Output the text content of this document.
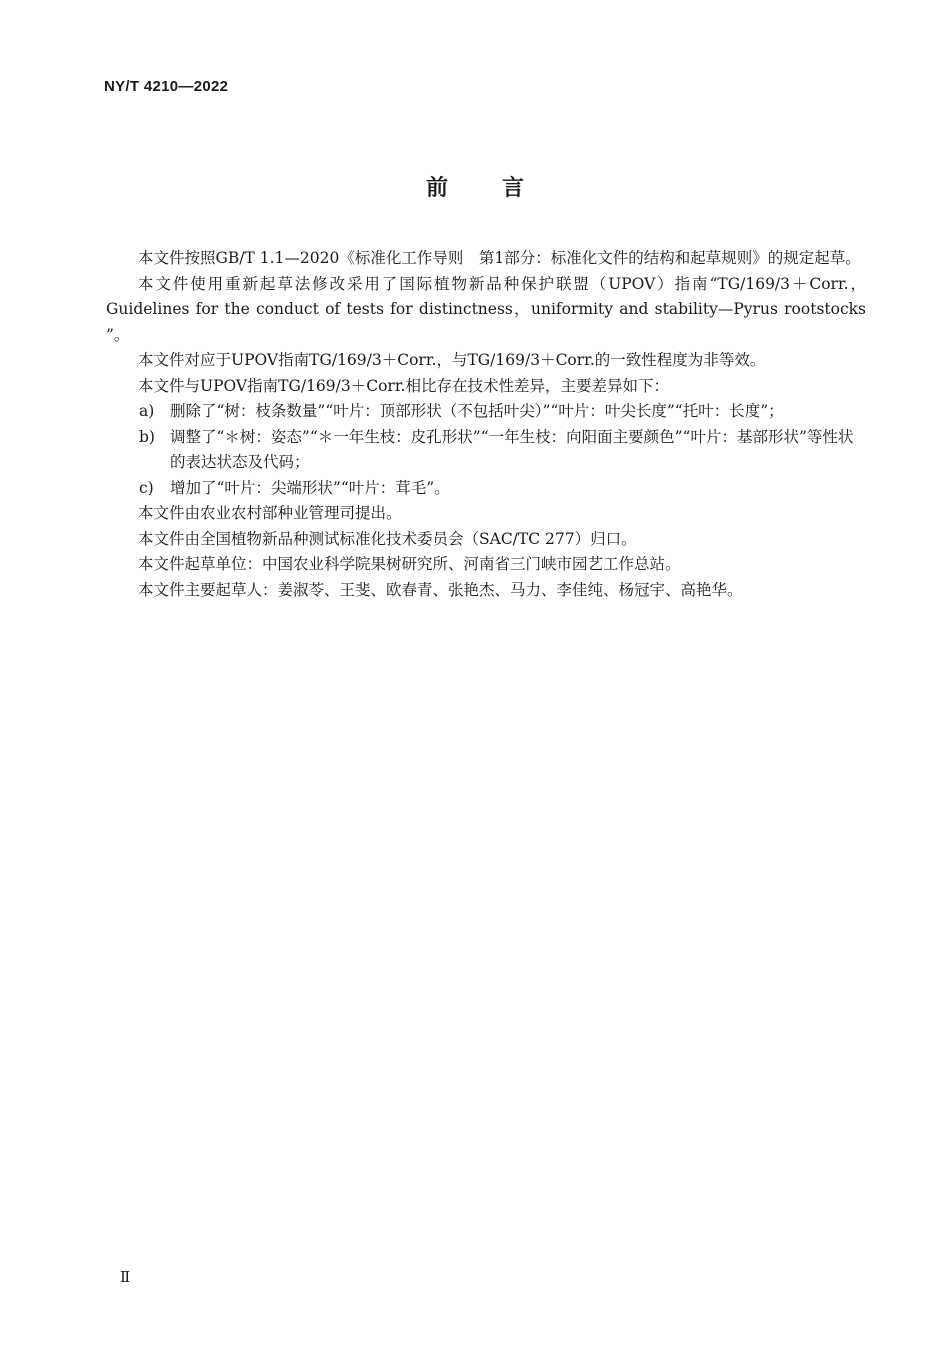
NY/T 4210—2022
前言

本文件按照GB/T 1.1—2020《标准化工作导则　第1部分：标准化文件的结构和起草规则》的规定起草。

本文件使用重新起草法修改采用了国际植物新品种保护联盟（UPOV）指南“TG/169/3＋Corr.，Guidelines for the conduct of tests for distinctness，uniformity and stability—Pyrus rootstocks ”。

本文件对应于UPOV指南TG/169/3＋Corr.，与TG/169/3＋Corr.的一致性程度为非等效。

本文件与UPOV指南TG/169/3＋Corr.相比存在技术性差异，主要差异如下：

a) 删除了“树：枝条数量”“叶片：顶部形状（不包括叶尖）”“叶片：叶尖长度”“托叶：长度”；
b) 调整了“＊树：姿态”“＊一年生枝：皮孔形状”“一年生枝：向阳面主要颜色”“叶片：基部形状”等性状的表达状态及代码；
c) 增加了“叶片：尖端形状”“叶片：茸毛”。

本文件由农业农村部种业管理司提出。

本文件由全国植物新品种测试标准化技术委员会（SAC/TC 277）归口。

本文件起草单位：中国农业科学院果树研究所、河南省三门峡市园艺工作总站。

本文件主要起草人：姜淑苓、王斐、欧春青、张艳杰、马力、李佳纯、杨冠宇、高艳华。

Ⅱ
